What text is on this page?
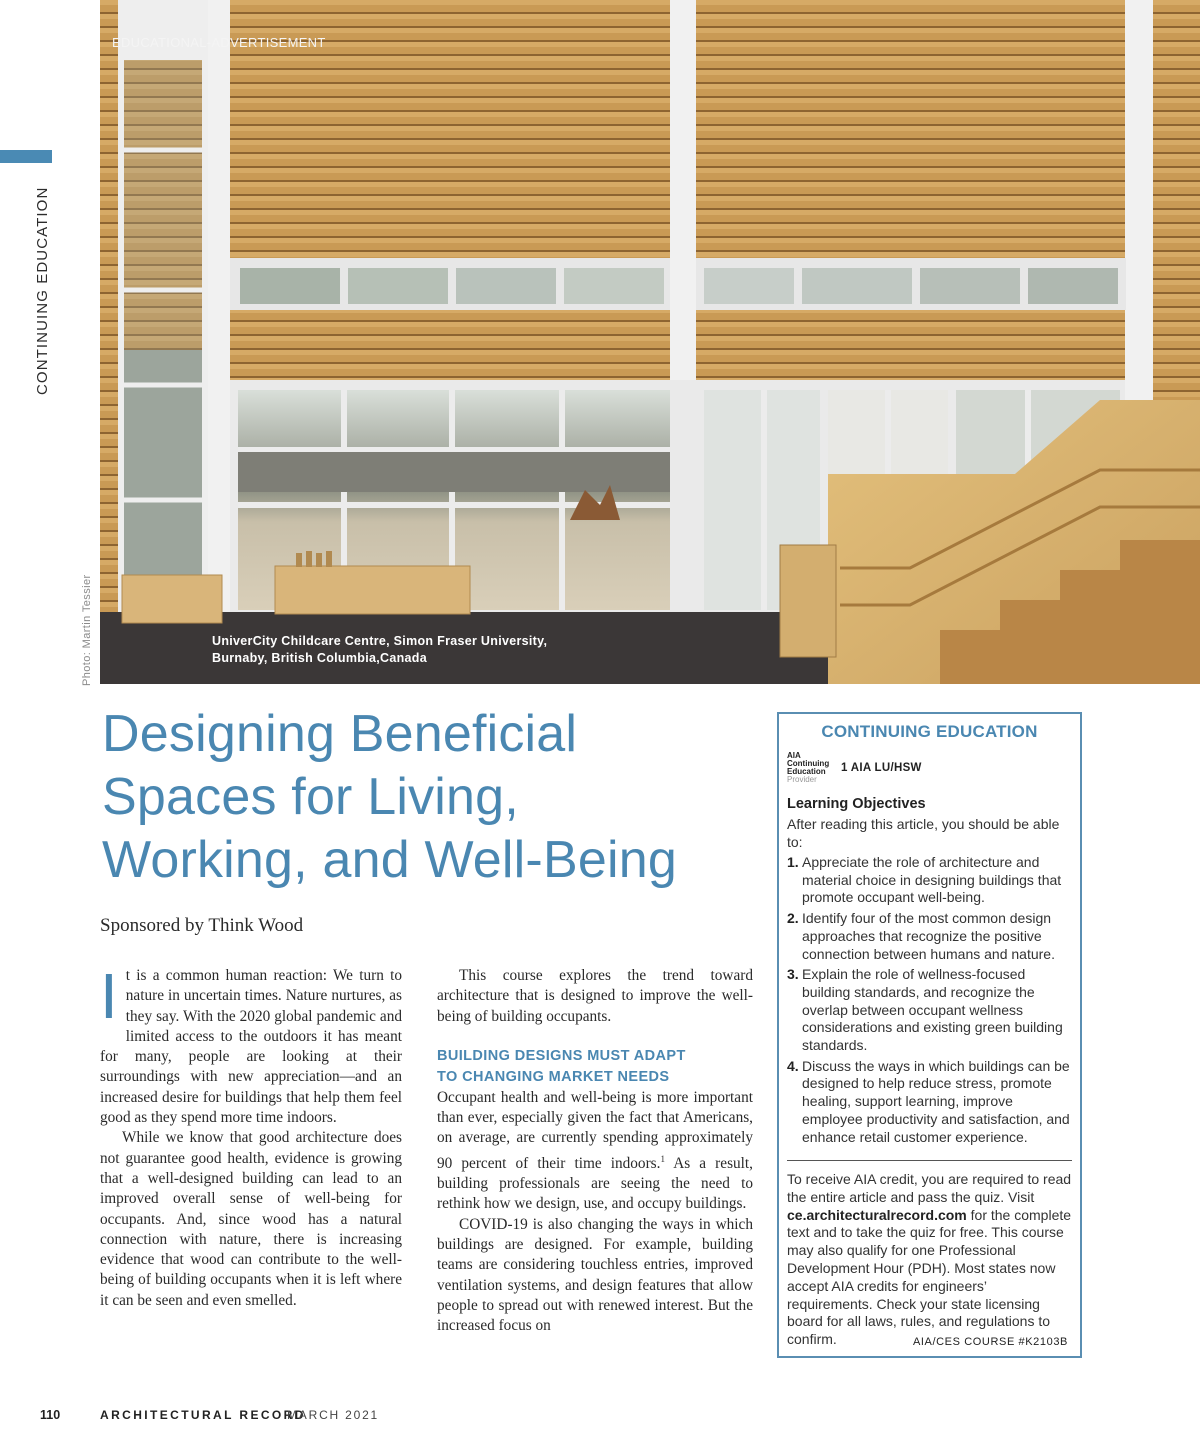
CONTINUING EDUCATION
Photo: Martin Tessier
EDUCATIONAL-ADVERTISEMENT
UniverCity Childcare Centre, Simon Fraser University,
Burnaby, British Columbia,Canada
Designing Beneficial
Spaces for Living,
Working, and Well-Being
Sponsored by Think Wood

It is a common human reaction: We turn to nature in uncertain times. Nature nurtures, as they say. With the 2020 global pandemic and limited access to the outdoors it has meant for many, people are looking at their surroundings with new appreciation—and an increased desire for buildings that help them feel good as they spend more time indoors.

While we know that good architecture does not guarantee good health, evidence is growing that a well-designed building can lead to an improved overall sense of well-being for occupants. And, since wood has a natural connection with nature, there is increasing evidence that wood can contribute to the well-being of building occupants when it is left where it can be seen and even smelled.

This course explores the trend toward architecture that is designed to improve the well-being of building occupants.

BUILDING DESIGNS MUST ADAPT
TO CHANGING MARKET NEEDS

Occupant health and well-being is more important than ever, especially given the fact that Americans, on average, are currently spending approximately 90 percent of their time indoors.$^1$ As a result, building professionals are seeing the need to rethink how we design, use, and occupy buildings.

COVID-19 is also changing the ways in which buildings are designed. For example, building teams are considering touchless entries, improved ventilation systems, and design features that allow people to spread out with renewed interest. But the increased focus on

CONTINUING EDUCATION
AIA
Continuing
Education
Provider
1 AIA LU/HSW
Learning Objectives
After reading this article, you should be able to:
1. Appreciate the role of architecture and material choice in designing buildings that promote occupant well-being.
2. Identify four of the most common design approaches that recognize the positive connection between humans and nature.
3. Explain the role of wellness-focused building standards, and recognize the overlap between occupant wellness considerations and existing green building standards.
4. Discuss the ways in which buildings can be designed to help reduce stress, promote healing, support learning, improve employee productivity and satisfaction, and enhance retail customer experience.
To receive AIA credit, you are required to read the entire article and pass the quiz. Visit ce.architecturalrecord.com for the complete text and to take the quiz for free. This course may also qualify for one Professional Development Hour (PDH). Most states now accept AIA credits for engineers’ requirements. Check your state licensing board for all laws, rules, and regulations to confirm.	AIA/CES COURSE #K2103B
110	ARCHITECTURAL RECORD
MARCH 2021
